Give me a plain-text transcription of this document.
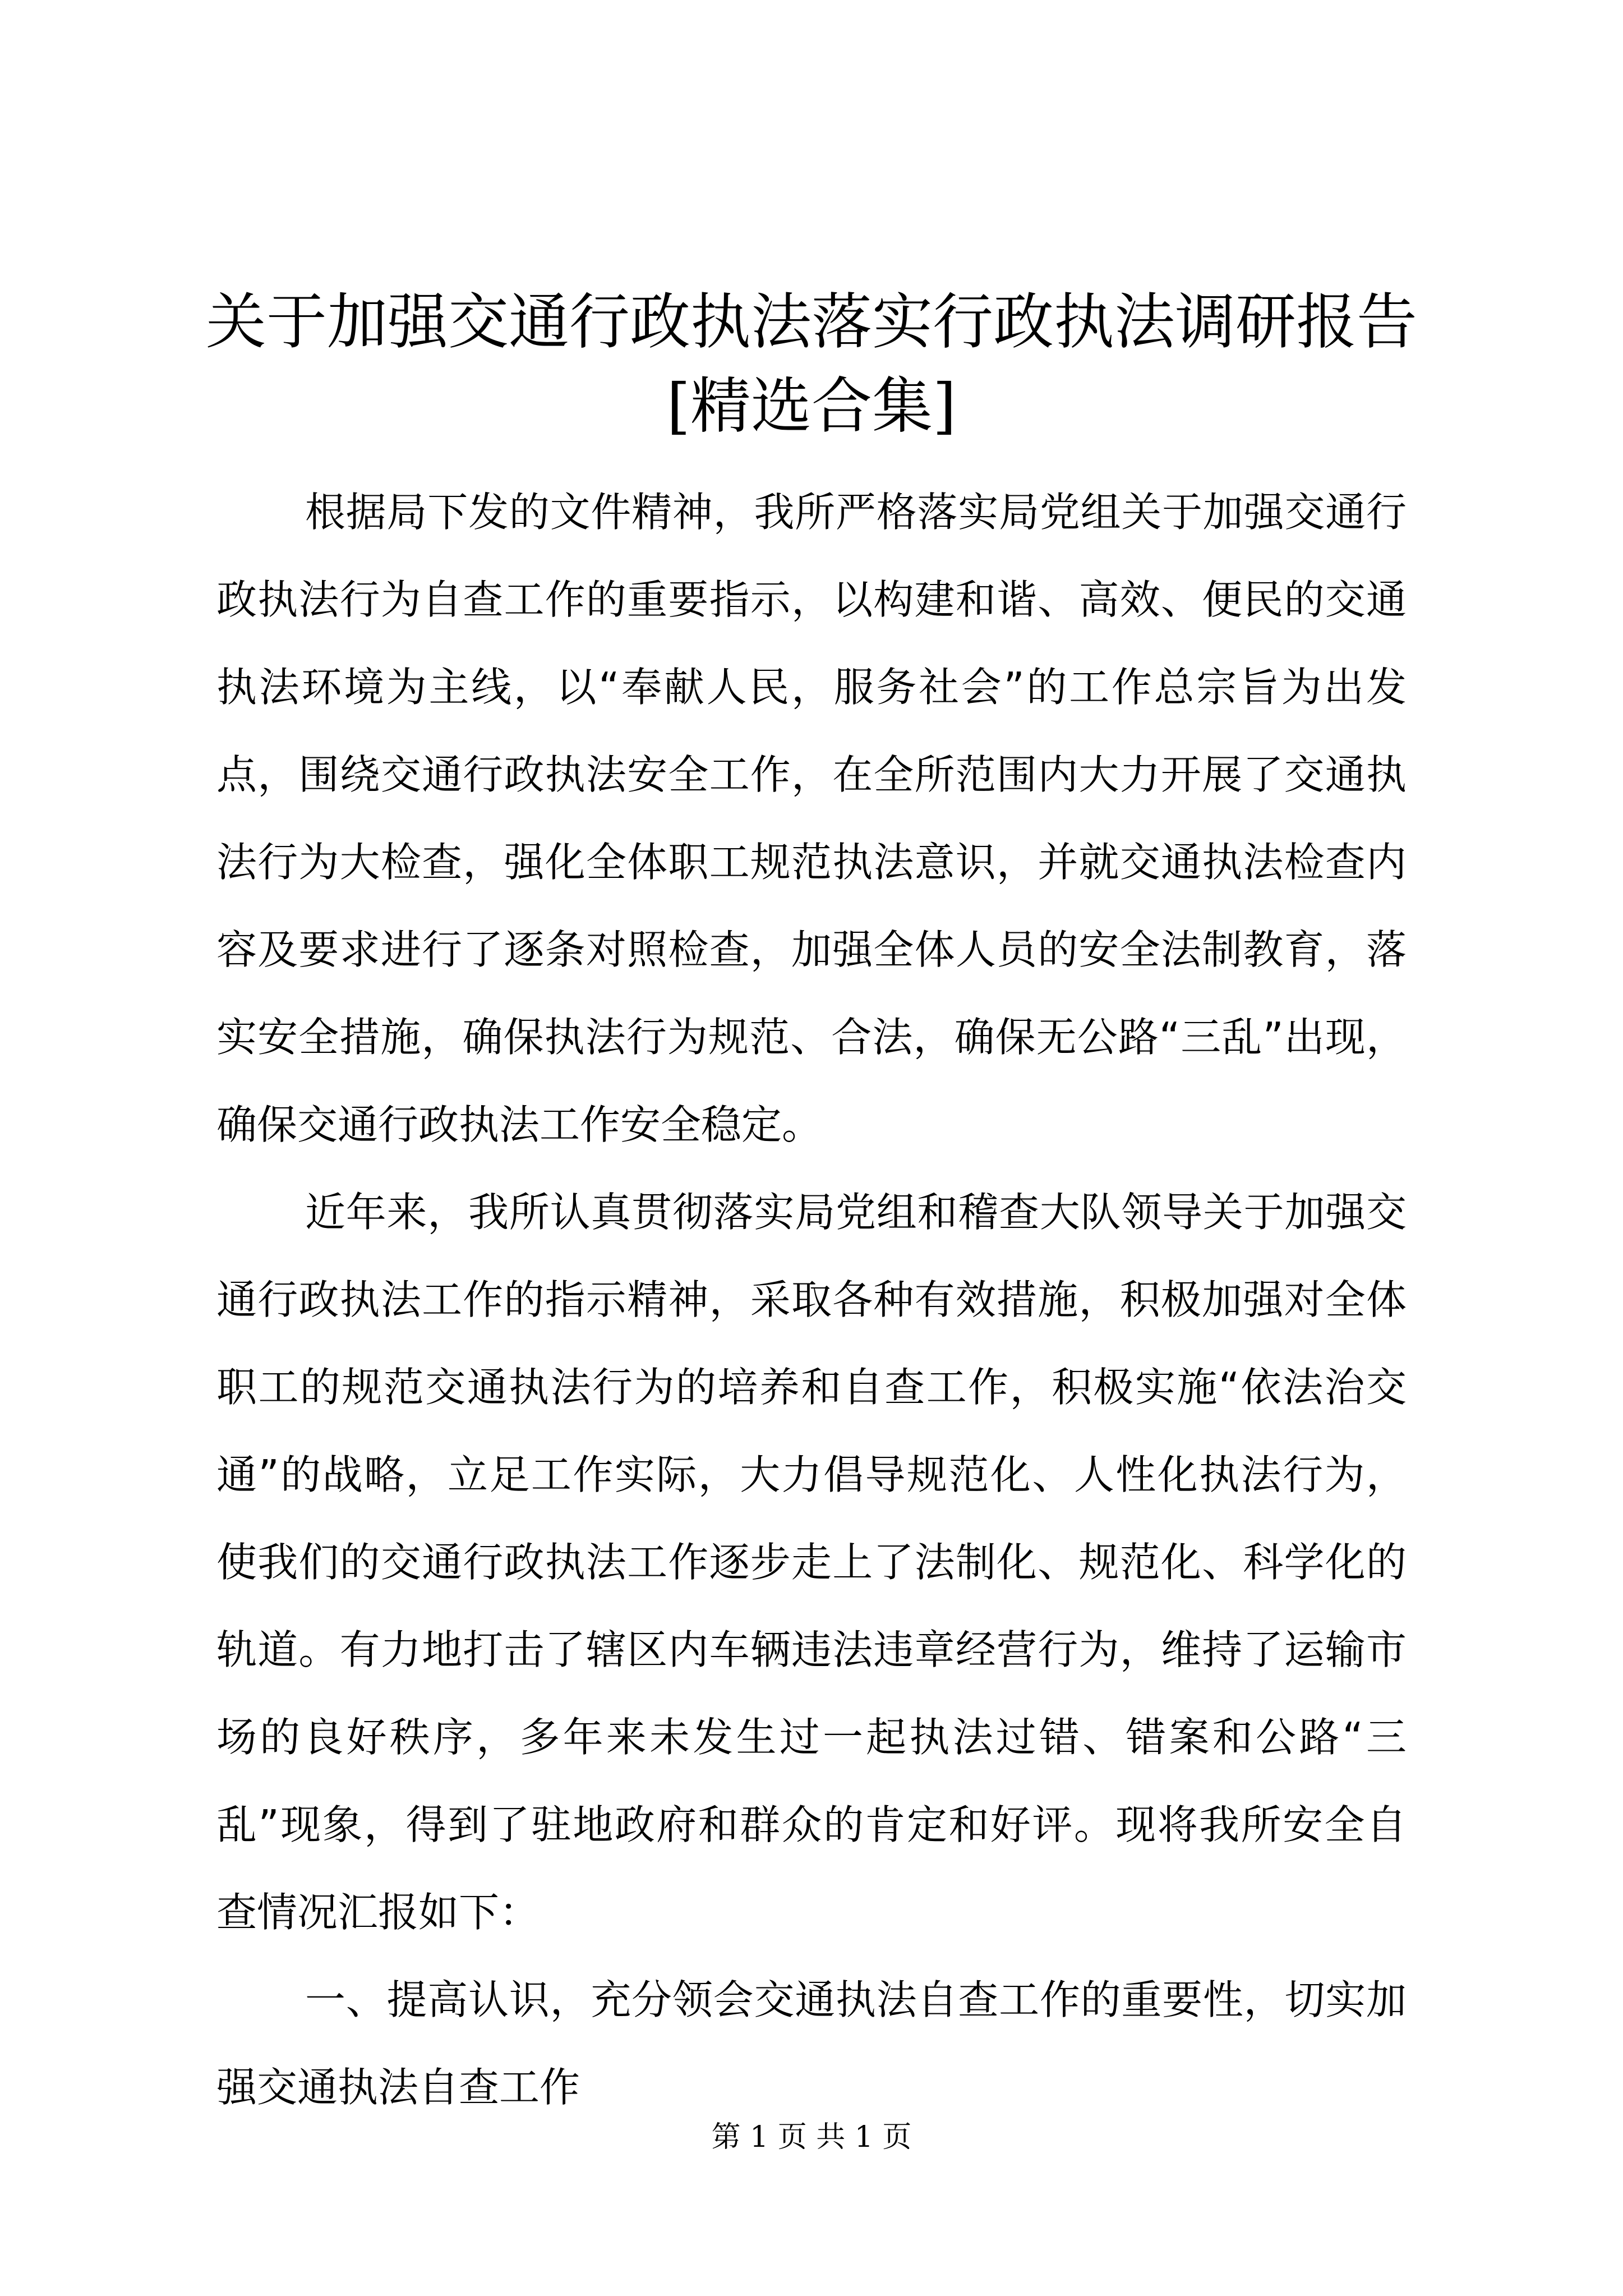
关于加强交通行政执法落实行政执法调研报告
[精选合集]

根据局下发的文件精神，我所严格落实局党组关于加强交通行政执法行为自查工作的重要指示，以构建和谐、高效、便民的交通执法环境为主线，以“奉献人民，服务社会”的工作总宗旨为出发点，围绕交通行政执法安全工作，在全所范围内大力开展了交通执法行为大检查，强化全体职工规范执法意识，并就交通执法检查内容及要求进行了逐条对照检查，加强全体人员的安全法制教育，落实安全措施，确保执法行为规范、合法，确保无公路“三乱”出现，确保交通行政执法工作安全稳定。

近年来，我所认真贯彻落实局党组和稽查大队领导关于加强交通行政执法工作的指示精神，采取各种有效措施，积极加强对全体职工的规范交通执法行为的培养和自查工作，积极实施“依法治交通”的战略，立足工作实际，大力倡导规范化、人性化执法行为，使我们的交通行政执法工作逐步走上了法制化、规范化、科学化的轨道。有力地打击了辖区内车辆违法违章经营行为，维持了运输市场的良好秩序，多年来未发生过一起执法过错、错案和公路“三乱”现象，得到了驻地政府和群众的肯定和好评。现将我所安全自查情况汇报如下：

一、提高认识，充分领会交通执法自查工作的重要性，切实加强交通执法自查工作

第 1 页 共 1 页
